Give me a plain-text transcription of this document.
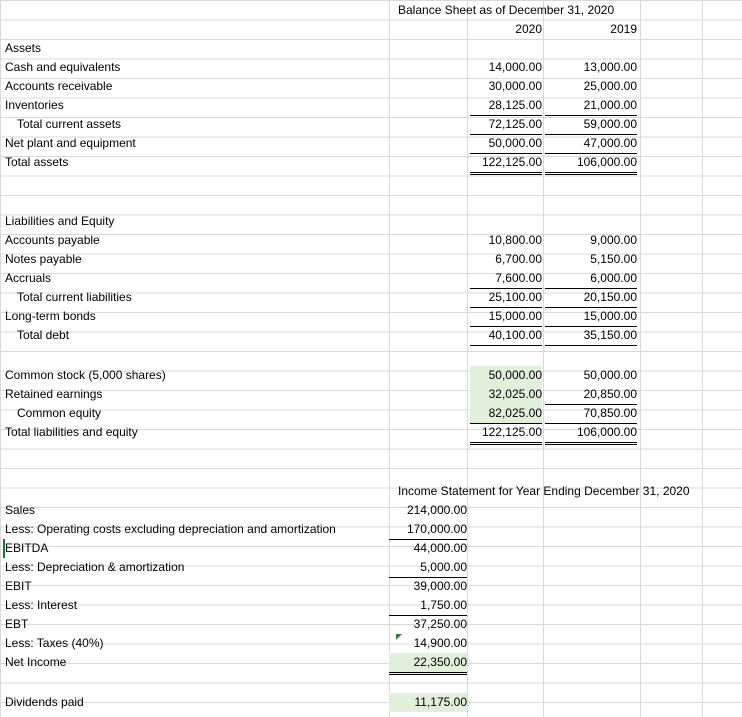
Balance Sheet as of December 31, 2020
2020	2019
Assets
Cash and equivalents	14,000.00	13,000.00
Accounts receivable	30,000.00	25,000.00
Inventories	28,125.00	21,000.00
Total current assets	72,125.00	59,000.00
Net plant and equipment	50,000.00	47,000.00
Total assets	122,125.00	106,000.00
Liabilities and Equity
Accounts payable	10,800.00	9,000.00
Notes payable	6,700.00	5,150.00
Accruals	7,600.00	6,000.00
Total current liabilities	25,100.00	20,150.00
Long-term bonds	15,000.00	15,000.00
Total debt	40,100.00	35,150.00
Common stock (5,000 shares)	50,000.00	50,000.00
Retained earnings	32,025.00	20,850.00
Common equity	82,025.00	70,850.00
Total liabilities and equity	122,125.00	106,000.00
Income Statement for Year Ending December 31, 2020
Sales	214,000.00
Less: Operating costs excluding depreciation and amortization	170,000.00
EBITDA	44,000.00
Less: Depreciation & amortization	5,000.00
EBIT	39,000.00
Less: Interest	1,750.00
EBT	37,250.00
Less: Taxes (40%)	14,900.00
Net Income	22,350.00
Dividends paid	11,175.00
